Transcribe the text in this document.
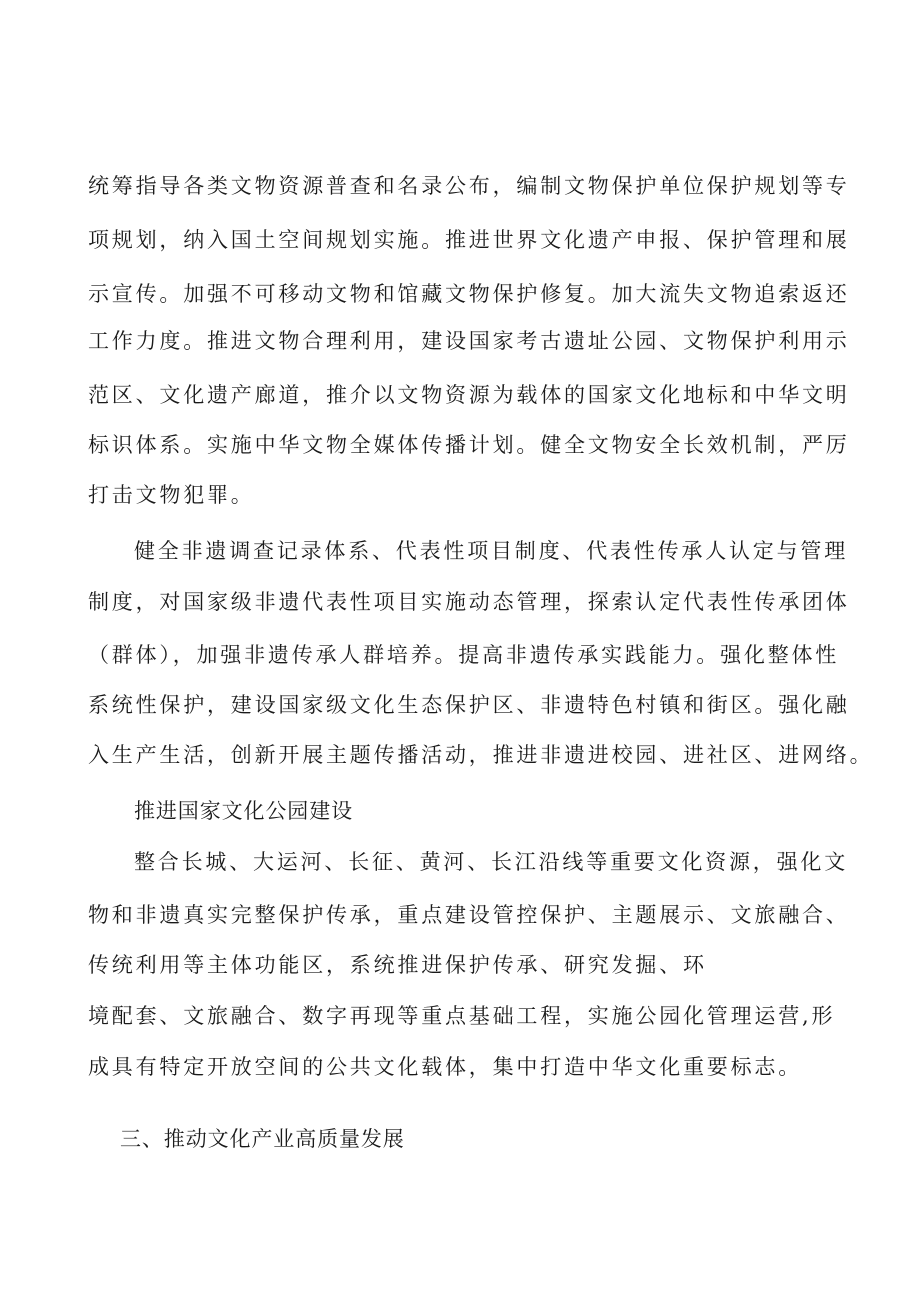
统筹指导各类文物资源普查和名录公布，编制文物保护单位保护规划等专
项规划，纳入国土空间规划实施。推进世界文化遗产申报、保护管理和展
示宣传。加强不可移动文物和馆藏文物保护修复。加大流失文物追索返还
工作力度。推进文物合理利用，建设国家考古遗址公园、文物保护利用示
范区、文化遗产廊道，推介以文物资源为载体的国家文化地标和中华文明
标识体系。实施中华文物全媒体传播计划。健全文物安全长效机制，严厉
打击文物犯罪。
健全非遗调查记录体系、代表性项目制度、代表性传承人认定与管理
制度，对国家级非遗代表性项目实施动态管理，探索认定代表性传承团体
（群体），加强非遗传承人群培养。提高非遗传承实践能力。强化整体性
系统性保护，建设国家级文化生态保护区、非遗特色村镇和街区。强化融
入生产生活，创新开展主题传播活动，推进非遗进校园、进社区、进网络。
推进国家文化公园建设
整合长城、大运河、长征、黄河、长江沿线等重要文化资源，强化文
物和非遗真实完整保护传承，重点建设管控保护、主题展示、文旅融合、
传统利用等主体功能区，系统推进保护传承、研究发掘、环
境配套、文旅融合、数字再现等重点基础工程，实施公园化管理运营,形
成具有特定开放空间的公共文化载体，集中打造中华文化重要标志。
三、推动文化产业高质量发展
